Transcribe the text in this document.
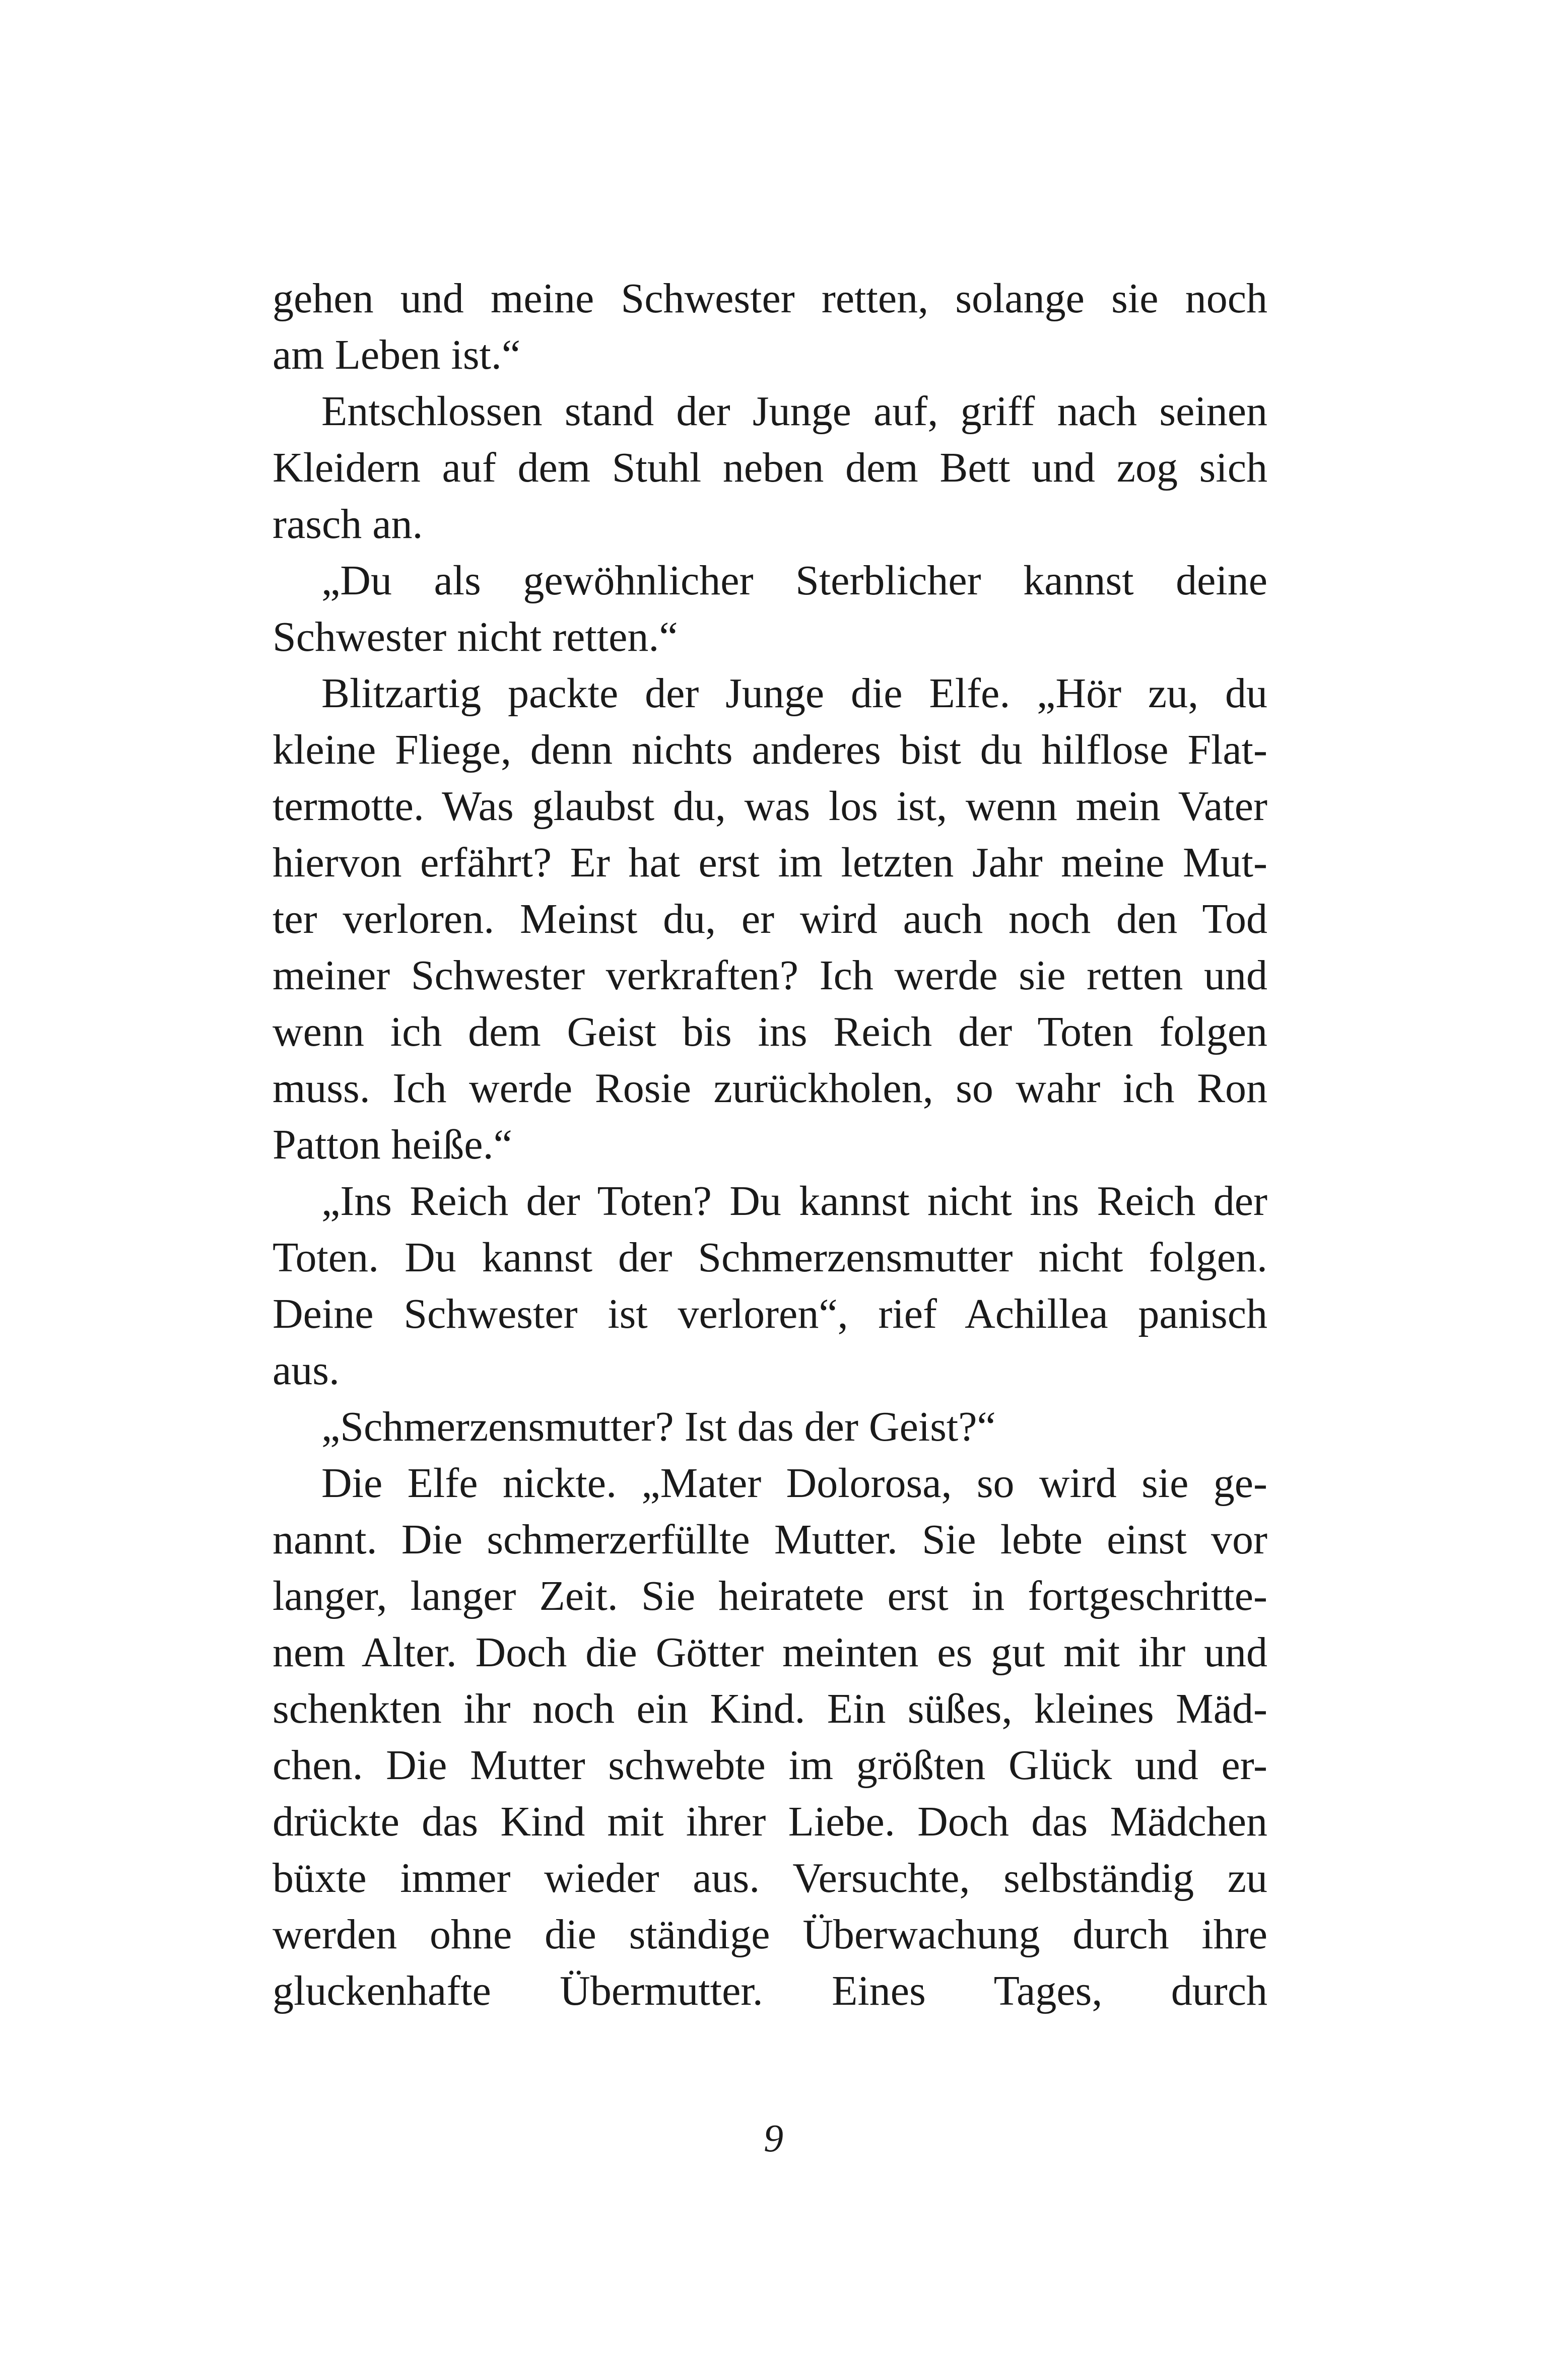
gehen und meine Schwester retten, solange sie noch
am Leben ist.“
Entschlossen stand der Junge auf, griff nach seinen
Kleidern auf dem Stuhl neben dem Bett und zog sich
rasch an.
„Du als gewöhnlicher Sterblicher kannst deine
Schwester nicht retten.“
Blitzartig packte der Junge die Elfe. „Hör zu, du
kleine Fliege, denn nichts anderes bist du hilflose Flat-
termotte. Was glaubst du, was los ist, wenn mein Vater
hiervon erfährt? Er hat erst im letzten Jahr meine Mut-
ter verloren. Meinst du, er wird auch noch den Tod
meiner Schwester verkraften? Ich werde sie retten und
wenn ich dem Geist bis ins Reich der Toten folgen
muss. Ich werde Rosie zurückholen, so wahr ich Ron
Patton heiße.“
„Ins Reich der Toten? Du kannst nicht ins Reich der
Toten. Du kannst der Schmerzensmutter nicht folgen.
Deine Schwester ist verloren“, rief Achillea panisch
aus.
„Schmerzensmutter? Ist das der Geist?“
Die Elfe nickte. „Mater Dolorosa, so wird sie ge-
nannt. Die schmerzerfüllte Mutter. Sie lebte einst vor
langer, langer Zeit. Sie heiratete erst in fortgeschritte-
nem Alter. Doch die Götter meinten es gut mit ihr und
schenkten ihr noch ein Kind. Ein süßes, kleines Mäd-
chen. Die Mutter schwebte im größten Glück und er-
drückte das Kind mit ihrer Liebe. Doch das Mädchen
büxte immer wieder aus. Versuchte, selbständig zu
werden ohne die ständige Überwachung durch ihre
gluckenhafte Übermutter. Eines Tages, durch
9
